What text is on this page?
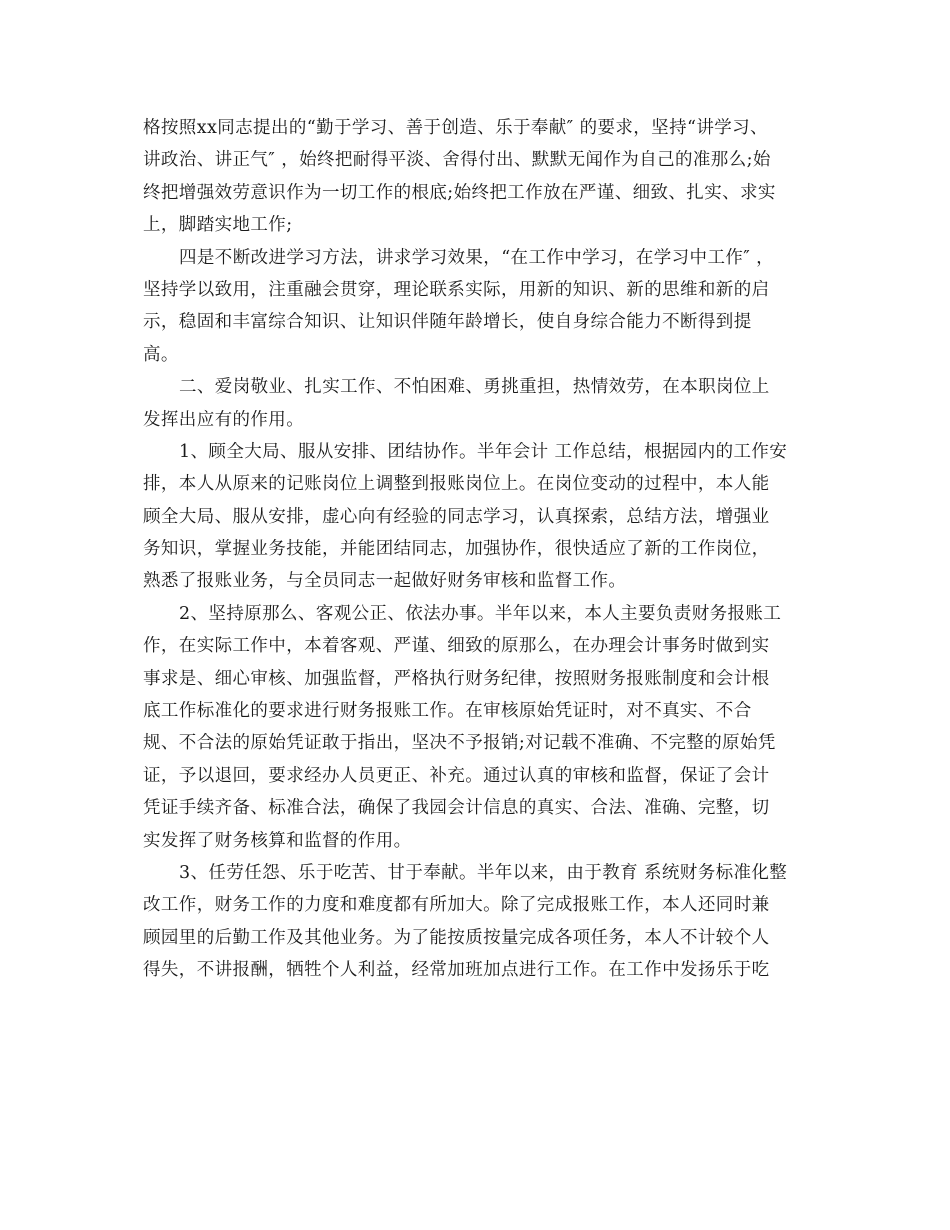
格按照xx同志提出的“勤于学习、善于创造、乐于奉献″ 的要求，坚持“讲学习、
讲政治、讲正气″ ，始终把耐得平淡、舍得付出、默默无闻作为自己的准那么;始
终把增强效劳意识作为一切工作的根底;始终把工作放在严谨、细致、扎实、求实
上，脚踏实地工作;
四是不断改进学习方法，讲求学习效果，“在工作中学习，在学习中工作″ ，
坚持学以致用，注重融会贯穿，理论联系实际，用新的知识、新的思维和新的启
示，稳固和丰富综合知识、让知识伴随年龄增长，使自身综合能力不断得到提
高。
二、爱岗敬业、扎实工作、不怕困难、勇挑重担，热情效劳，在本职岗位上
发挥出应有的作用。
1、顾全大局、服从安排、团结协作。半年会计 工作总结，根据园内的工作安
排，本人从原来的记账岗位上调整到报账岗位上。在岗位变动的过程中，本人能
顾全大局、服从安排，虚心向有经验的同志学习，认真探索，总结方法，增强业
务知识，掌握业务技能，并能团结同志，加强协作，很快适应了新的工作岗位，
熟悉了报账业务，与全员同志一起做好财务审核和监督工作。
2、坚持原那么、客观公正、依法办事。半年以来，本人主要负责财务报账工
作，在实际工作中，本着客观、严谨、细致的原那么，在办理会计事务时做到实
事求是、细心审核、加强监督，严格执行财务纪律，按照财务报账制度和会计根
底工作标准化的要求进行财务报账工作。在审核原始凭证时，对不真实、不合
规、不合法的原始凭证敢于指出，坚决不予报销;对记载不准确、不完整的原始凭
证，予以退回，要求经办人员更正、补充。通过认真的审核和监督，保证了会计
凭证手续齐备、标准合法，确保了我园会计信息的真实、合法、准确、完整，切
实发挥了财务核算和监督的作用。
3、任劳任怨、乐于吃苦、甘于奉献。半年以来，由于教育 系统财务标准化整
改工作，财务工作的力度和难度都有所加大。除了完成报账工作，本人还同时兼
顾园里的后勤工作及其他业务。为了能按质按量完成各项任务，本人不计较个人
得失，不讲报酬，牺牲个人利益，经常加班加点进行工作。在工作中发扬乐于吃
